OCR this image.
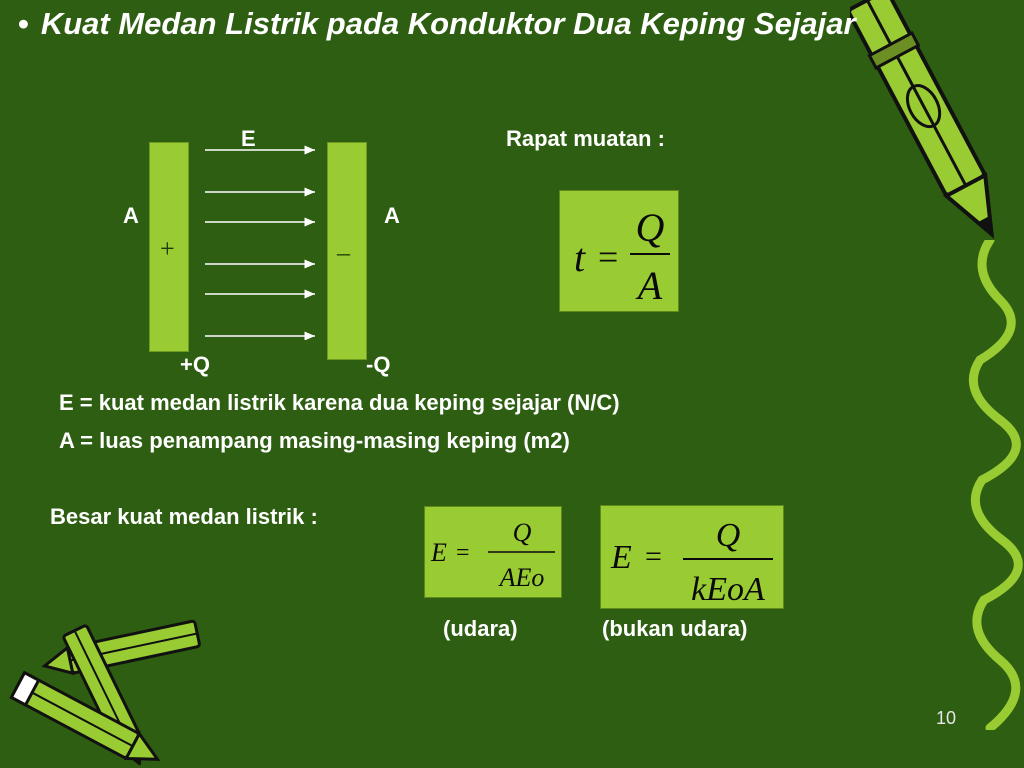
• Kuat Medan Listrik pada Konduktor Dua Keping Sejajar
+	–
E
A	A
+Q	-Q
Rapat muatan :
t =
Q
A
E = kuat medan listrik karena dua keping sejajar (N/C)
A = luas penampang masing-masing keping (m2)
Besar kuat medan listrik :
E =
Q
AEo
E =
Q
kEoA
(udara)	(bukan udara)
10
